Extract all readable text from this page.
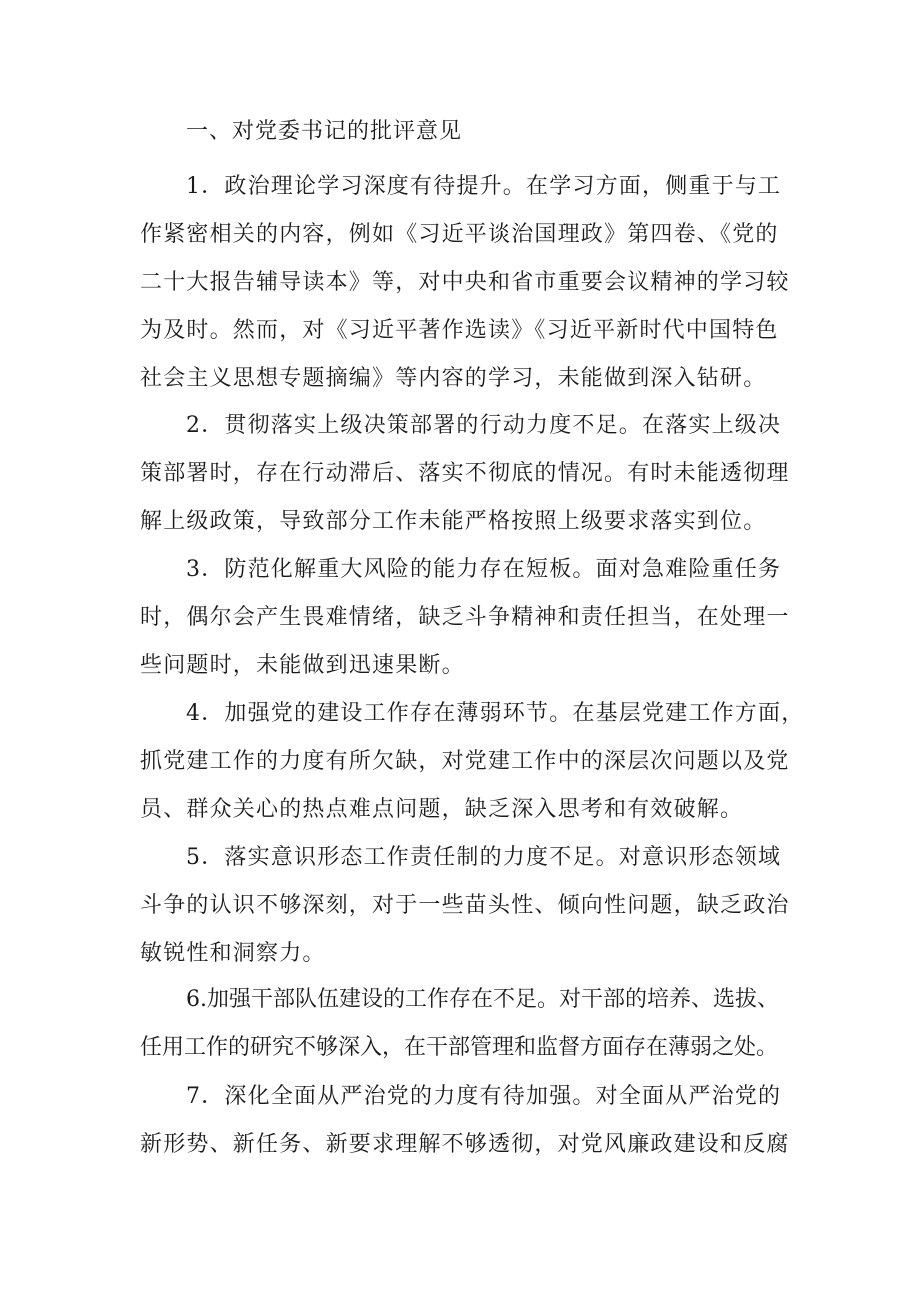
一、对党委书记的批评意见
1．政治理论学习深度有待提升。在学习方面，侧重于与工
作紧密相关的内容，例如《习近平谈治国理政》第四卷、《党的
二十大报告辅导读本》等，对中央和省市重要会议精神的学习较
为及时。然而，对《习近平著作选读》《习近平新时代中国特色
社会主义思想专题摘编》等内容的学习，未能做到深入钻研。
2．贯彻落实上级决策部署的行动力度不足。在落实上级决
策部署时，存在行动滞后、落实不彻底的情况。有时未能透彻理
解上级政策，导致部分工作未能严格按照上级要求落实到位。
3．防范化解重大风险的能力存在短板。面对急难险重任务
时，偶尔会产生畏难情绪，缺乏斗争精神和责任担当，在处理一
些问题时，未能做到迅速果断。
4．加强党的建设工作存在薄弱环节。在基层党建工作方面，
抓党建工作的力度有所欠缺，对党建工作中的深层次问题以及党
员、群众关心的热点难点问题，缺乏深入思考和有效破解。
5．落实意识形态工作责任制的力度不足。对意识形态领域
斗争的认识不够深刻，对于一些苗头性、倾向性问题，缺乏政治
敏锐性和洞察力。
6.加强干部队伍建设的工作存在不足。对干部的培养、选拔、
任用工作的研究不够深入，在干部管理和监督方面存在薄弱之处。
7．深化全面从严治党的力度有待加强。对全面从严治党的
新形势、新任务、新要求理解不够透彻，对党风廉政建设和反腐
